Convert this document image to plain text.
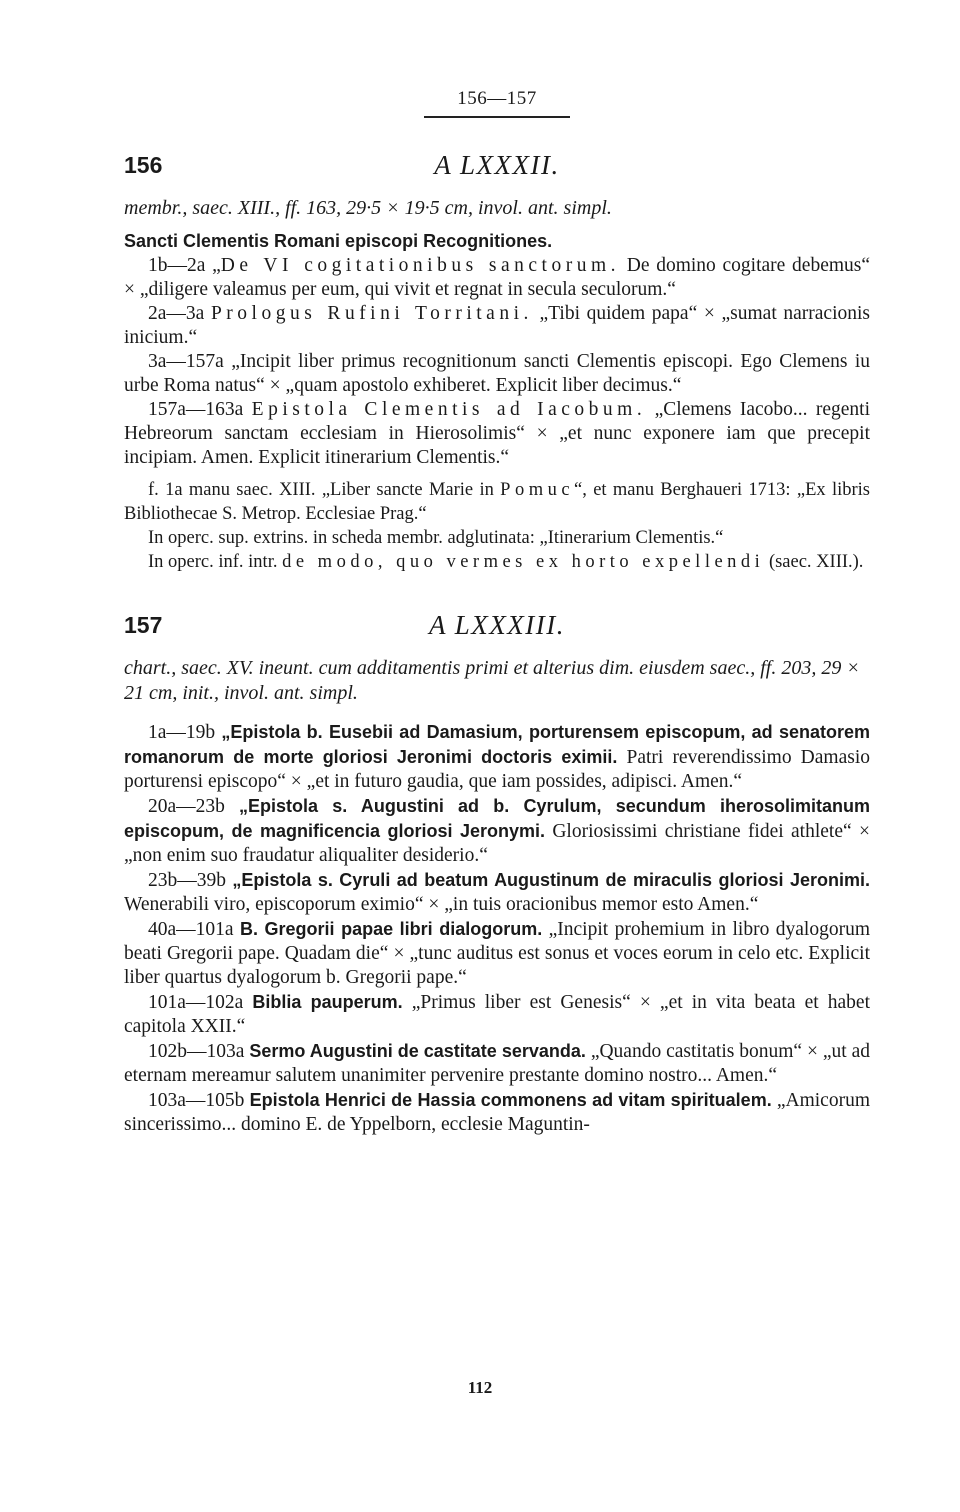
156—157
156	A LXXXII.
membr., saec. XIII., ff. 163, 29·5 × 19·5 cm, invol. ant. simpl.

Sancti Clementis Romani episcopi Recognitiones.

1b—2a „De VI cogitationibus sanctorum. De domino cogitare debemus“ × „diligere valeamus per eum, qui vivit et regnat in secula seculorum.“

2a—3a Prologus Rufini Torritani. „Tibi quidem papa“ × „sumat narracionis inicium.“

3a—157a „Incipit liber primus recognitionum sancti Clementis episcopi. Ego Clemens iu urbe Roma natus“ × „quam apostolo exhiberet. Explicit liber decimus.“

157a—163a Epistola Clementis ad Iacobum. „Clemens Iacobo... regenti Hebreorum sanctam ecclesiam in Hierosolimis“ × „et nunc exponere iam que precepit incipiam. Amen. Explicit itinerarium Clementis.“

f. 1a manu saec. XIII. „Liber sancte Marie in Pomuc“, et manu Berghaueri 1713: „Ex libris Bibliothecae S. Metrop. Ecclesiae Prag.“

In operc. sup. extrins. in scheda membr. adglutinata: „Itinerarium Clementis.“

In operc. inf. intr. de modo, quo vermes ex horto expellendi (saec. XIII.).

157	A LXXXIII.
chart., saec. XV. ineunt. cum additamentis primi et alterius dim. eiusdem saec., ff. 203, 29 × 21 cm, init., invol. ant. simpl.

1a—19b „Epistola b. Eusebii ad Damasium, porturensem episcopum, ad senatorem romanorum de morte gloriosi Jeronimi doctoris eximii. Patri reverendissimo Damasio porturensi episcopo“ × „et in futuro gaudia, que iam possides, adipisci. Amen.“

20a—23b „Epistola s. Augustini ad b. Cyrulum, secundum iherosolimitanum episcopum, de magnificencia gloriosi Jeronymi. Gloriosissimi christiane fidei athlete“ × „non enim suo fraudatur aliqualiter desiderio.“

23b—39b „Epistola s. Cyruli ad beatum Augustinum de miraculis gloriosi Jeronimi. Wenerabili viro, episcoporum eximio“ × „in tuis oracionibus memor esto Amen.“

40a—101a B. Gregorii papae libri dialogorum. „Incipit prohemium in libro dyalogorum beati Gregorii pape. Quadam die“ × „tunc auditus est sonus et voces eorum in celo etc. Explicit liber quartus dyalogorum b. Gregorii pape.“

101a—102a Biblia pauperum. „Primus liber est Genesis“ × „et in vita beata et habet capitola XXII.“

102b—103a Sermo Augustini de castitate servanda. „Quando castitatis bonum“ × „ut ad eternam mereamur salutem unanimiter pervenire prestante domino nostro... Amen.“

103a—105b Epistola Henrici de Hassia commonens ad vitam spiritualem. „Amicorum sincerissimo... domino E. de Yppelborn, ecclesie Maguntin-

112
